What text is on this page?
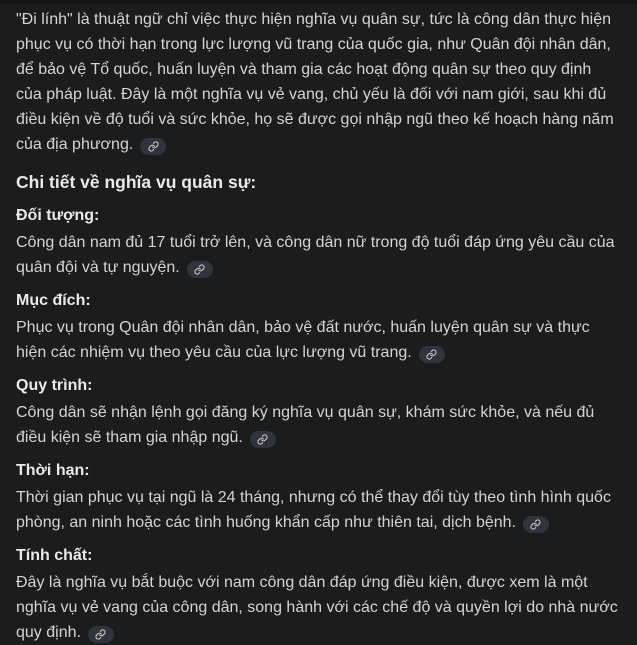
"Đi lính" là thuật ngữ chỉ việc thực hiện nghĩa vụ quân sự, tức là công dân thực hiện phục vụ có thời hạn trong lực lượng vũ trang của quốc gia, như Quân đội nhân dân, để bảo vệ Tổ quốc, huấn luyện và tham gia các hoạt động quân sự theo quy định của pháp luật. Đây là một nghĩa vụ vẻ vang, chủ yếu là đối với nam giới, sau khi đủ điều kiện về độ tuổi và sức khỏe, họ sẽ được gọi nhập ngũ theo kế hoạch hàng năm của địa phương.

Chi tiết về nghĩa vụ quân sự:
Đối tượng:

Công dân nam đủ 17 tuổi trở lên, và công dân nữ trong độ tuổi đáp ứng yêu cầu của quân đội và tự nguyện.

Mục đích:

Phục vụ trong Quân đội nhân dân, bảo vệ đất nước, huấn luyện quân sự và thực hiện các nhiệm vụ theo yêu cầu của lực lượng vũ trang.

Quy trình:

Công dân sẽ nhận lệnh gọi đăng ký nghĩa vụ quân sự, khám sức khỏe, và nếu đủ điều kiện sẽ tham gia nhập ngũ.

Thời hạn:

Thời gian phục vụ tại ngũ là 24 tháng, nhưng có thể thay đổi tùy theo tình hình quốc phòng, an ninh hoặc các tình huống khẩn cấp như thiên tai, dịch bệnh.

Tính chất:

Đây là nghĩa vụ bắt buộc với nam công dân đáp ứng điều kiện, được xem là một nghĩa vụ vẻ vang của công dân, song hành với các chế độ và quyền lợi do nhà nước quy định.
